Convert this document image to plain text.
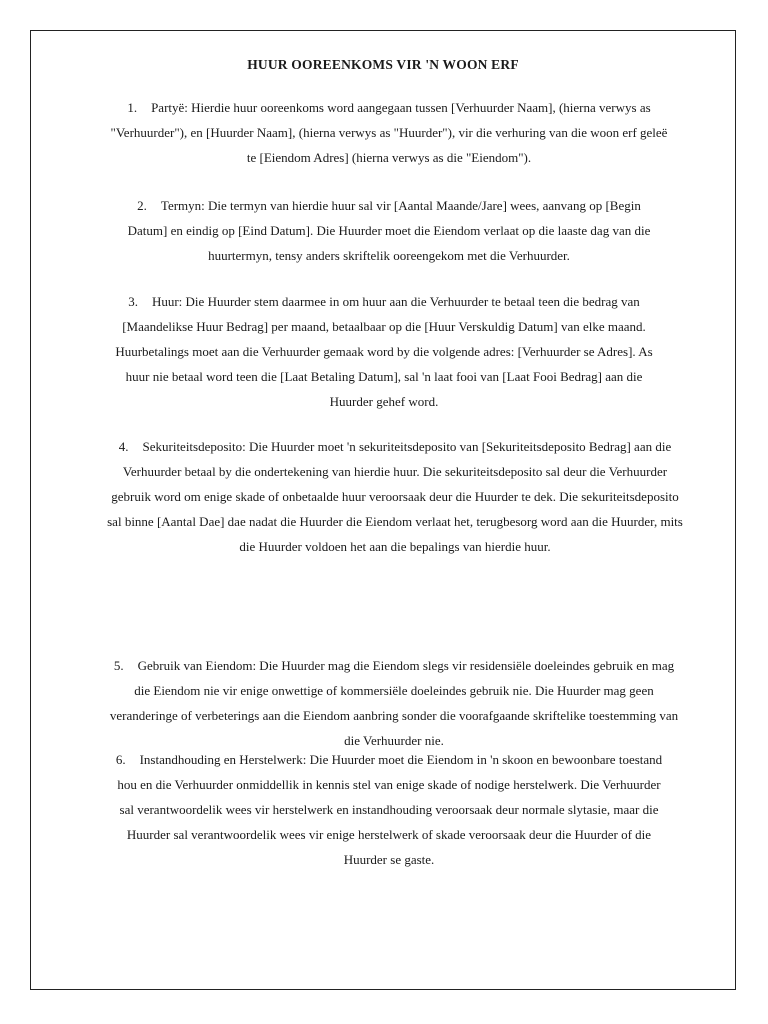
HUUR OOREENKOMS VIR 'N WOON ERF
1. Partyë: Hierdie huur ooreenkoms word aangegaan tussen [Verhuurder Naam], (hierna verwys as "Verhuurder"), en [Huurder Naam], (hierna verwys as "Huurder"), vir die verhuring van die woon erf geleë te [Eiendom Adres] (hierna verwys as die "Eiendom").
2. Termyn: Die termyn van hierdie huur sal vir [Aantal Maande/Jare] wees, aanvang op [Begin Datum] en eindig op [Eind Datum]. Die Huurder moet die Eiendom verlaat op die laaste dag van die huurtermyn, tensy anders skriftelik ooreengekom met die Verhuurder.
3. Huur: Die Huurder stem daarmee in om huur aan die Verhuurder te betaal teen die bedrag van [Maandelikse Huur Bedrag] per maand, betaalbaar op die [Huur Verskuldig Datum] van elke maand. Huurbetalings moet aan die Verhuurder gemaak word by die volgende adres: [Verhuurder se Adres]. As huur nie betaal word teen die [Laat Betaling Datum], sal 'n laat fooi van [Laat Fooi Bedrag] aan die Huurder gehef word.
4. Sekuriteitsdeposito: Die Huurder moet 'n sekuriteitsdeposito van [Sekuriteitsdeposito Bedrag] aan die Verhuurder betaal by die ondertekening van hierdie huur. Die sekuriteitsdeposito sal deur die Verhuurder gebruik word om enige skade of onbetaalde huur veroorsaak deur die Huurder te dek. Die sekuriteitsdeposito sal binne [Aantal Dae] dae nadat die Huurder die Eiendom verlaat het, terugbesorg word aan die Huurder, mits die Huurder voldoen het aan die bepalings van hierdie huur.
5. Gebruik van Eiendom: Die Huurder mag die Eiendom slegs vir residensiële doeleindes gebruik en mag die Eiendom nie vir enige onwettige of kommersiële doeleindes gebruik nie. Die Huurder mag geen veranderinge of verbeterings aan die Eiendom aanbring sonder die voorafgaande skriftelike toestemming van die Verhuurder nie.
6. Instandhouding en Herstelwerk: Die Huurder moet die Eiendom in 'n skoon en bewoonbare toestand hou en die Verhuurder onmiddellik in kennis stel van enige skade of nodige herstelwerk. Die Verhuurder sal verantwoordelik wees vir herstelwerk en instandhouding veroorsaak deur normale slytasie, maar die Huurder sal verantwoordelik wees vir enige herstelwerk of skade veroorsaak deur die Huurder of die Huurder se gaste.
